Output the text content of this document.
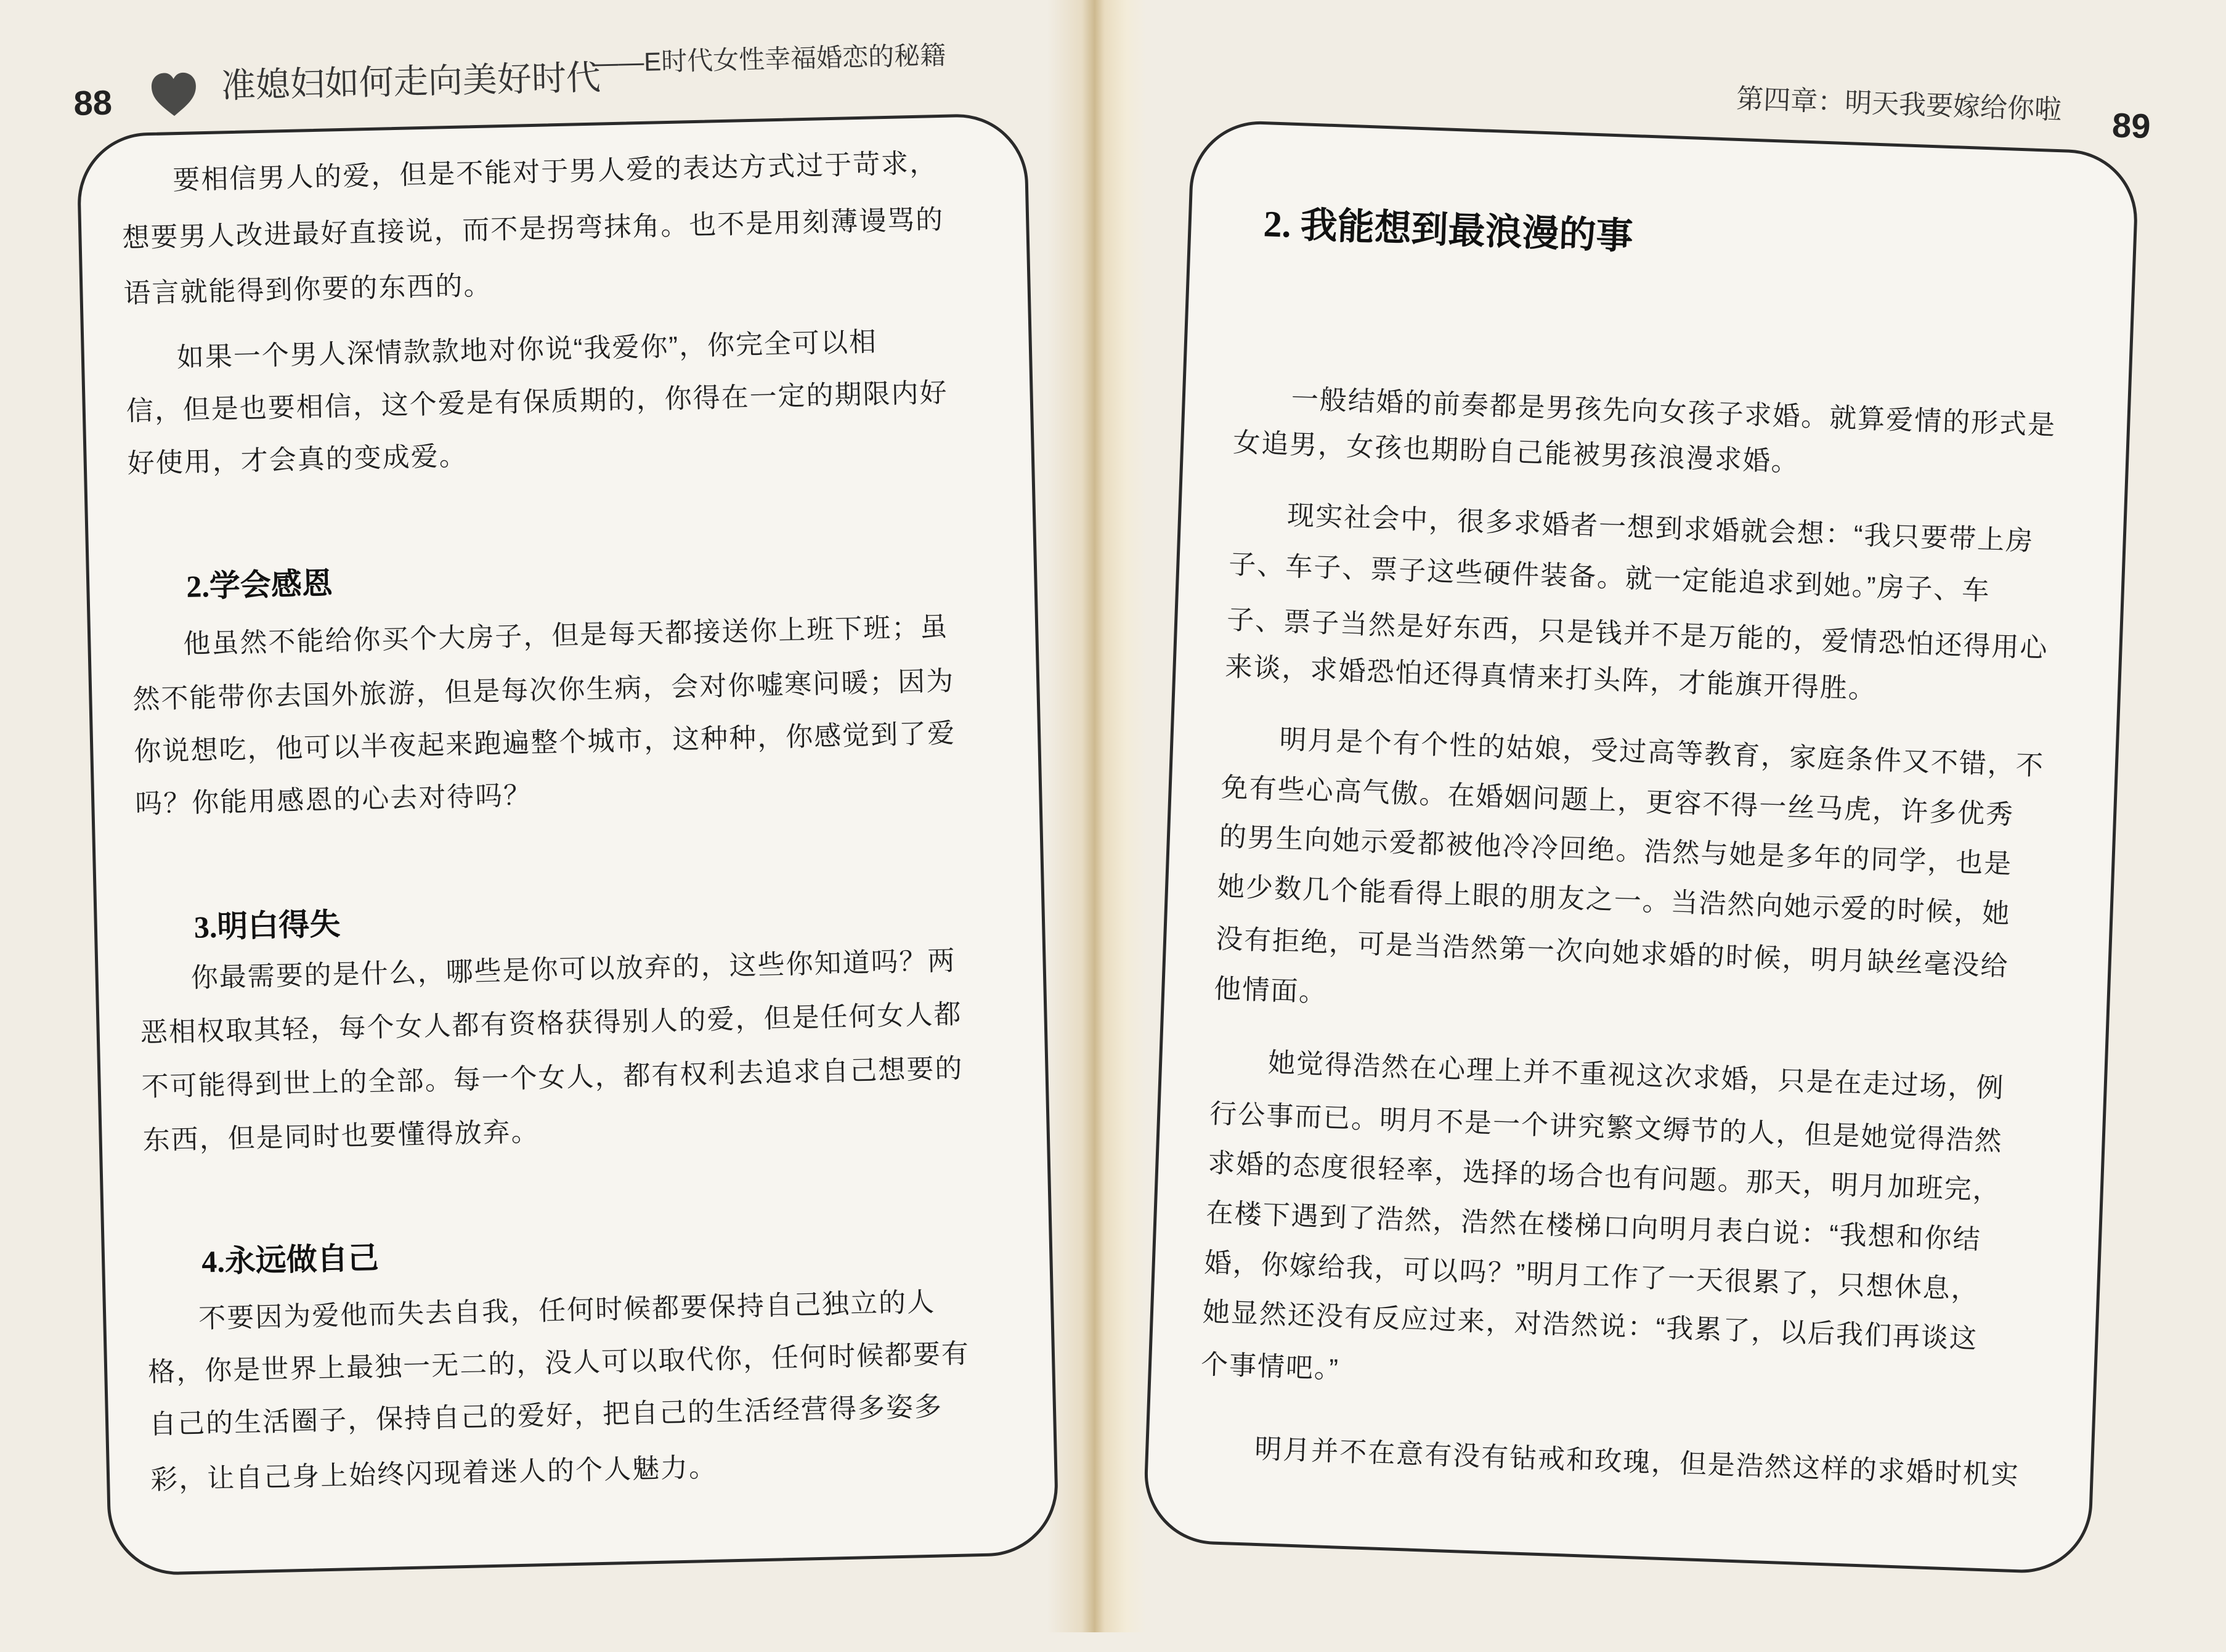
88	准媳妇如何走向美好时代
——E时代女性幸福婚恋的秘籍
要相信男人的爱，但是不能对于男人爱的表达方式过于苛求，
想要男人改进最好直接说，而不是拐弯抹角。也不是用刻薄谩骂的
语言就能得到你要的东西的。
如果一个男人深情款款地对你说“我爱你”，你完全可以相
信，但是也要相信，这个爱是有保质期的，你得在一定的期限内好
好使用，才会真的变成爱。
2.学会感恩
他虽然不能给你买个大房子，但是每天都接送你上班下班；虽
然不能带你去国外旅游，但是每次你生病，会对你嘘寒问暖；因为
你说想吃，他可以半夜起来跑遍整个城市，这种种，你感觉到了爱
吗？你能用感恩的心去对待吗？
3.明白得失
你最需要的是什么，哪些是你可以放弃的，这些你知道吗？两
恶相权取其轻，每个女人都有资格获得别人的爱，但是任何女人都
不可能得到世上的全部。每一个女人，都有权利去追求自己想要的
东西，但是同时也要懂得放弃。
4.永远做自己
不要因为爱他而失去自我，任何时候都要保持自己独立的人
格，你是世界上最独一无二的，没人可以取代你，任何时候都要有
自己的生活圈子，保持自己的爱好，把自己的生活经营得多姿多
彩，让自己身上始终闪现着迷人的个人魅力。
第四章：明天我要嫁给你啦
89
2. 我能想到最浪漫的事
一般结婚的前奏都是男孩先向女孩子求婚。就算爱情的形式是
女追男，女孩也期盼自己能被男孩浪漫求婚。
现实社会中，很多求婚者一想到求婚就会想：“我只要带上房
子、车子、票子这些硬件装备。就一定能追求到她。”房子、车
子、票子当然是好东西，只是钱并不是万能的，爱情恐怕还得用心
来谈，求婚恐怕还得真情来打头阵，才能旗开得胜。
明月是个有个性的姑娘，受过高等教育，家庭条件又不错，不
免有些心高气傲。在婚姻问题上，更容不得一丝马虎，许多优秀
的男生向她示爱都被他冷冷回绝。浩然与她是多年的同学，也是
她少数几个能看得上眼的朋友之一。当浩然向她示爱的时候，她
没有拒绝，可是当浩然第一次向她求婚的时候，明月缺丝毫没给
他情面。
她觉得浩然在心理上并不重视这次求婚，只是在走过场，例
行公事而已。明月不是一个讲究繁文缛节的人，但是她觉得浩然
求婚的态度很轻率，选择的场合也有问题。那天，明月加班完，
在楼下遇到了浩然，浩然在楼梯口向明月表白说：“我想和你结
婚，你嫁给我，可以吗？”明月工作了一天很累了，只想休息，
她显然还没有反应过来，对浩然说：“我累了，以后我们再谈这
个事情吧。”
明月并不在意有没有钻戒和玫瑰，但是浩然这样的求婚时机实
